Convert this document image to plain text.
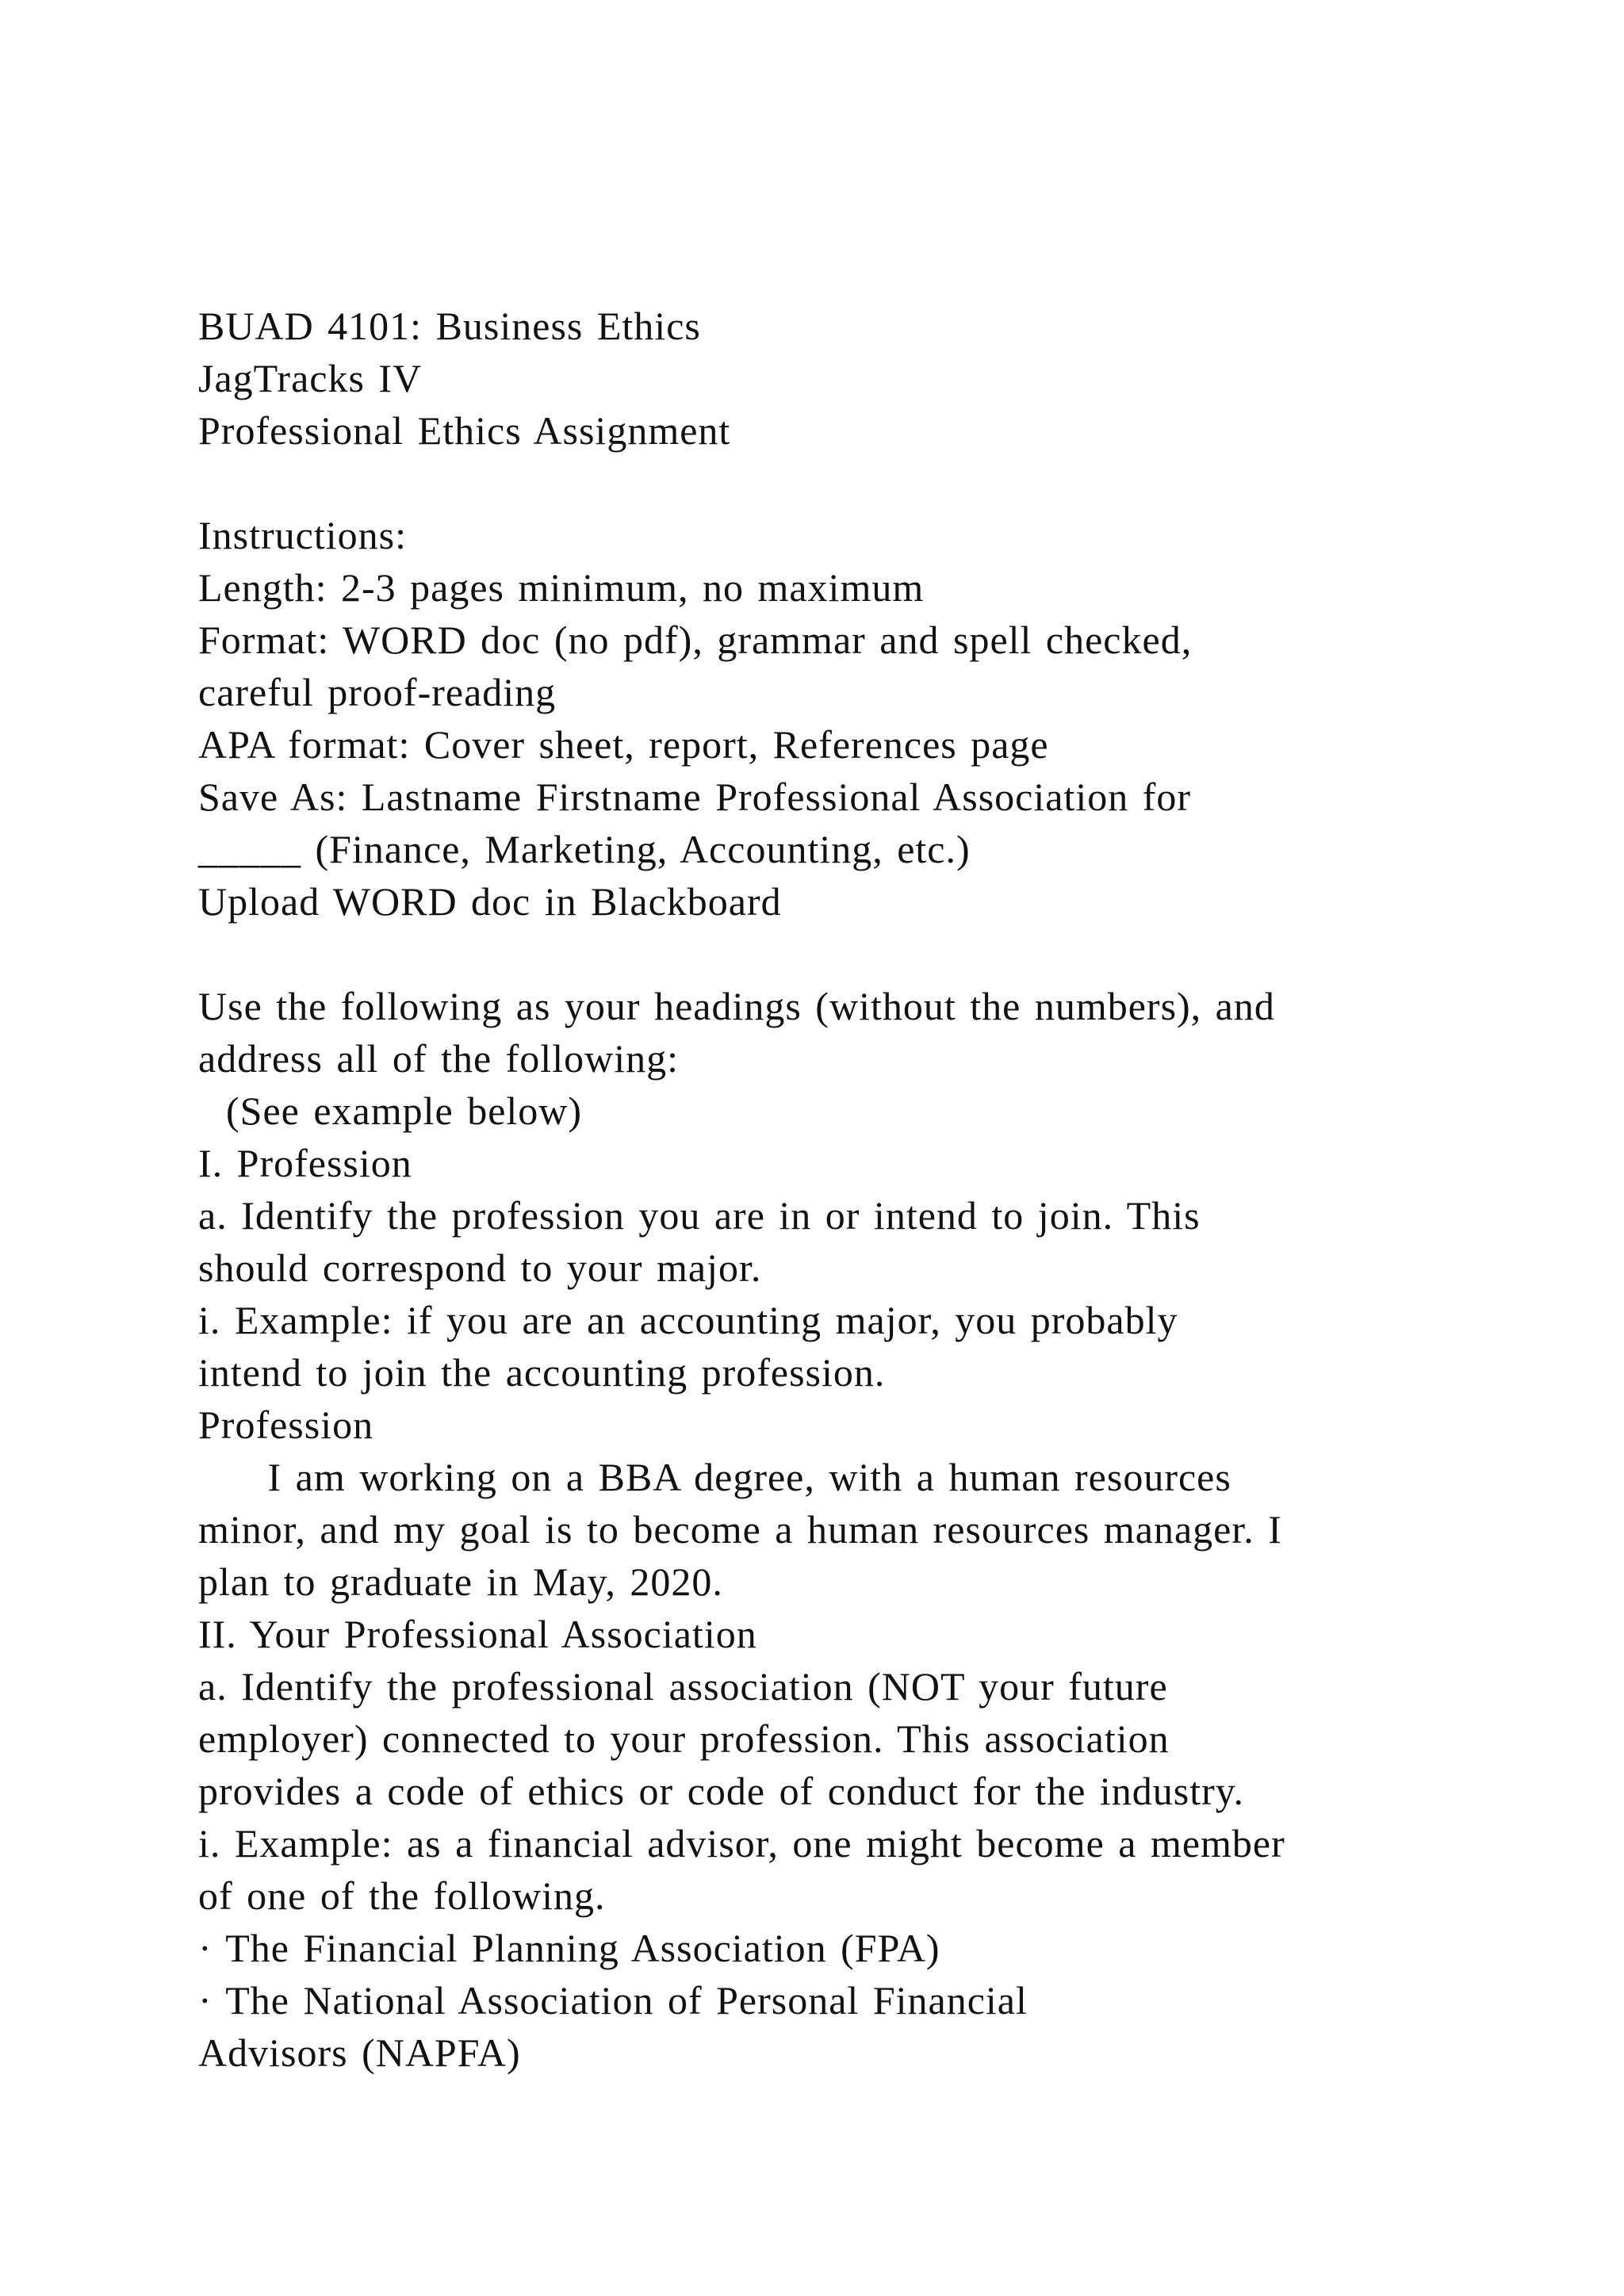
BUAD 4101: Business Ethics
JagTracks IV
Professional Ethics Assignment
Instructions:
Length: 2-3 pages minimum, no maximum
Format: WORD doc (no pdf), grammar and spell checked,
careful proof-reading
APA format: Cover sheet, report, References page
Save As: Lastname Firstname Professional Association for
_____ (Finance, Marketing, Accounting, etc.)
Upload WORD doc in Blackboard
Use the following as your headings (without the numbers), and
address all of the following:
(See example below)
I. Profession
a. Identify the profession you are in or intend to join. This
should correspond to your major.
i. Example: if you are an accounting major, you probably
intend to join the accounting profession.
Profession
I am working on a BBA degree, with a human resources
minor, and my goal is to become a human resources manager. I
plan to graduate in May, 2020.
II. Your Professional Association
a. Identify the professional association (NOT your future
employer) connected to your profession. This association
provides a code of ethics or code of conduct for the industry.
i. Example: as a financial advisor, one might become a member
of one of the following.
· The Financial Planning Association (FPA)
· The National Association of Personal Financial
Advisors (NAPFA)
